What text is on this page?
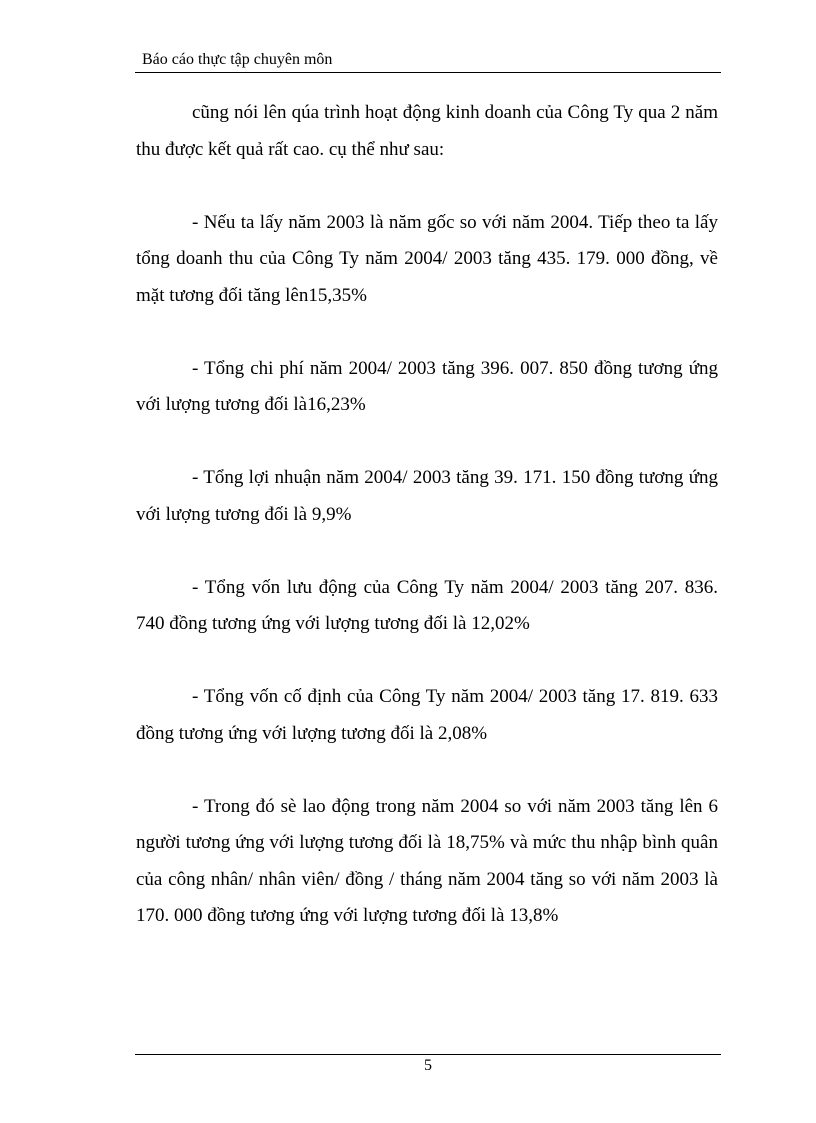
Báo cáo thực tập chuyên môn

cũng nói lên qúa trình hoạt động kinh doanh của Công Ty qua 2 năm thu được kết quả rất cao. cụ thể như sau:

- Nếu ta lấy năm 2003 là năm gốc so với năm 2004. Tiếp theo ta lấy tổng doanh thu của Công Ty năm 2004/ 2003 tăng 435. 179. 000 đồng, về mặt tương đối tăng lên15,35%

- Tổng chi phí năm 2004/ 2003 tăng 396. 007. 850 đồng tương ứng với lượng tương đối là16,23%

- Tổng lợi nhuận năm 2004/ 2003 tăng 39. 171. 150 đồng tương ứng với lượng tương đối là 9,9%

- Tổng vốn lưu động của Công Ty năm 2004/ 2003 tăng 207. 836. 740 đồng tương ứng với lượng tương đối là 12,02%

- Tổng vốn cố định của Công Ty năm 2004/ 2003 tăng 17. 819. 633 đồng tương ứng với lượng tương đối là 2,08%

- Trong đó sè lao động trong năm 2004 so với năm 2003 tăng lên 6 người tương ứng với lượng tương đối là 18,75% và mức thu nhập bình quân của công nhân/ nhân viên/ đồng / tháng năm 2004 tăng so với năm 2003 là 170. 000 đồng tương ứng với lượng tương đối là 13,8%

5
